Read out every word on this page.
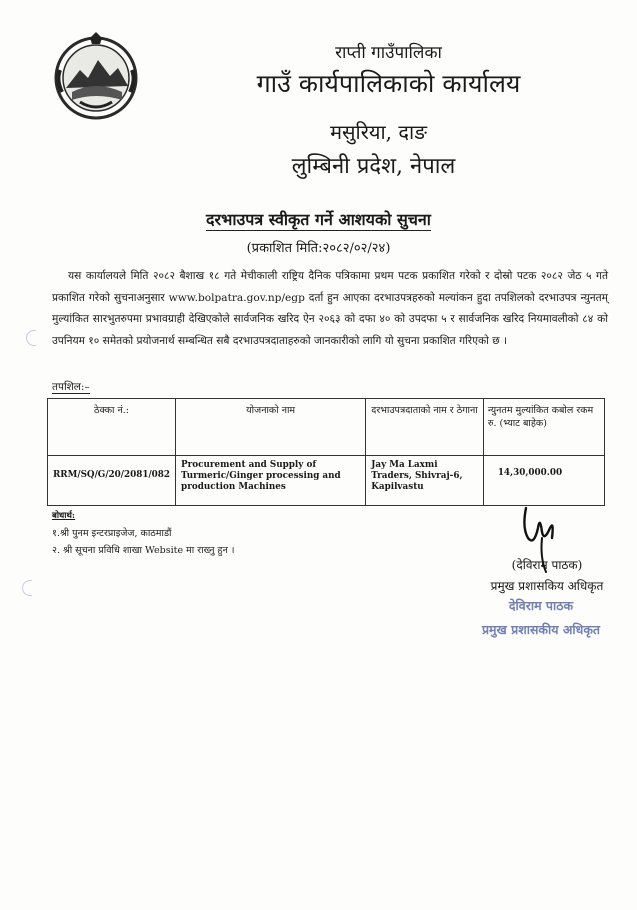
राप्ती गाउँपालिका
गाउँ कार्यपालिकाको कार्यालय
मसुरिया, दाङ
लुम्बिनी प्रदेश, नेपाल
दरभाउपत्र स्वीकृत गर्ने आशयको सुचना
(प्रकाशित मिति:२०८२/०२/२४)

यस कार्यालयले मिति २०८२ बैशाख १८ गते मेचीकाली राष्ट्रिय दैनिक पत्रिकामा प्रथम पटक प्रकाशित गरेको र दोस्रो पटक २०८२ जेठ ५ गते प्रकाशित गरेको सुचनाअनुसार www.bolpatra.gov.np/egp दर्ता हुन आएका दरभाउपत्रहरुको मल्यांकन हुदा तपशिलको दरभाउपत्र न्युनतम् मुल्यांकित सारभुतरुपमा प्रभावग्राही देखिएकोले सार्वजनिक खरिद ऐन २०६३ को दफा ४० को उपदफा ५ र सार्वजनिक खरिद नियमावलीको ८४ को उपनियम १० समेतको प्रयोजनार्थ सम्बन्धित सबै दरभाउपत्रदाताहरुको जानकारीको लागि यो सुचना प्रकाशित गरिएको छ ।

तपशिल:–
ठेक्का नं.:	योजनाको नाम	दरभाउपत्रदाताको नाम र ठेगाना	न्युनतम मुल्यांकित कबोल रकम रु. (भ्याट बाहेक)
RRM/SQ/G/20/2081/082	Procurement and Supply of Turmeric/Ginger processing and production Machines	Jay Ma Laxmi Traders, Shivraj-6, Kapilvastu	14,30,000.00
बोधार्थ:
१.श्री पुनम इन्टरप्राइजेज, काठमाडौं
२. श्री सूचना प्रविधि शाखा Website मा राख्नु हुन ।
(देविराम पाठक)
प्रमुख प्रशासकिय अधिकृत
देविराम पाठक
प्रमुख प्रशासकीय अधिकृत
